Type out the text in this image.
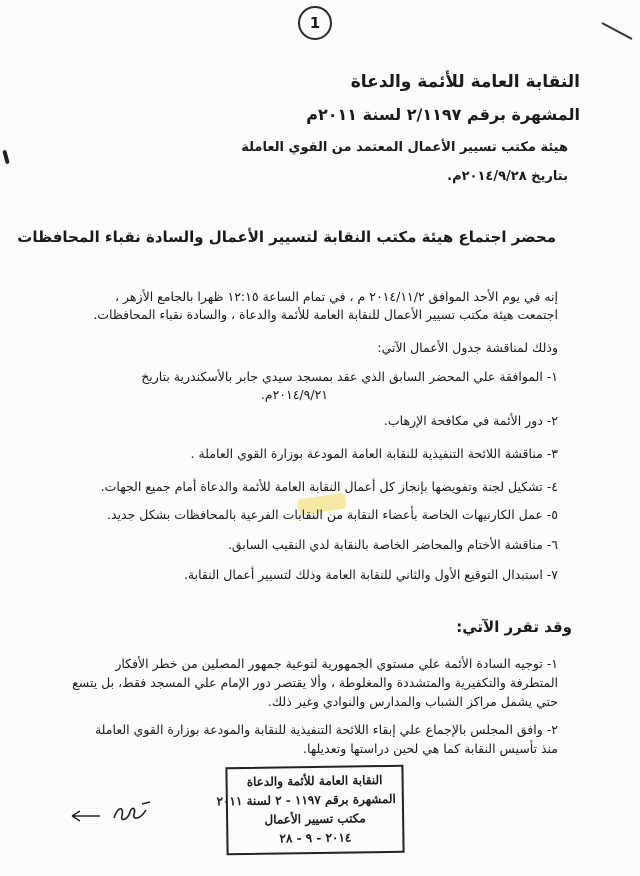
1
النقابة العامة للأئمة والدعاة
المشهرة برقم ٢/١١٩٧ لسنة ٢٠١١م
هيئة مكتب تسيير الأعمال المعتمد من القوي العاملة
بتاريخ ٢٠١٤/٩/٢٨م.
محضر اجتماع هيئة مكتب النقابة لتسيير الأعمال والسادة نقباء المحافظات
إنه في يوم الأحد الموافق ٢٠١٤/١١/٢ م ، في تمام الساعة ١٢:١٥ ظهرا بالجامع الأزهر ،
اجتمعت هيئة مكتب تسيير الأعمال للنقابة العامة للأئمة والدعاة ، والسادة نقباء المحافظات.
وذلك لمناقشة جدول الأعمال الآتي:
١- الموافقة علي المحضر السابق الذي عقد بمسجد سيدي جابر بالأسكندرية بتاريخ
٢٠١٤/٩/٢١م.
٢- دور الأئمة في مكافحة الإرهاب.
٣- مناقشة اللائحة التنفيذية للنقابة العامة المودعة بوزارة القوي العاملة .
٤- تشكيل لجنة وتفويضها بإنجاز كل أعمال النقابة العامة للأئمة والدعاة أمام جميع الجهات.
٥- عمل الكارنيهات الخاصة بأعضاء النقابة من النقابات الفرعية بالمحافظات بشكل جديد.
٦- مناقشة الأختام والمحاضر الخاصة بالنقابة لدي النقيب السابق.
٧- استبدال التوقيع الأول والثاني للنقابة العامة وذلك لتسيير أعمال النقابة.
وقد تقرر الآتي:
١- توجيه السادة الأئمة علي مستوي الجمهورية لتوعية جمهور المصلين من خطر الأفكار
المتطرفة والتكفيرية والمتشددة والمغلوطة ، وألا يقتصر دور الإمام علي المسجد فقط، بل يتسع
حتي يشمل مراكز الشباب والمدارس والنوادي وغير ذلك.
٢- وافق المجلس بالإجماع علي إبقاء اللائحة التنفيذية للنقابة والمودعة بوزارة القوي العاملة
منذ تأسيس النقابة كما هي لحين دراستها وتعديلها.
النقابة العامة للأئمة والدعاة
المشهرة برقم ١١٩٧ - ٢ لسنة ٢٠١١
مكتب تسيير الأعمال
٢٠١٤ - ٩ - ٢٨
